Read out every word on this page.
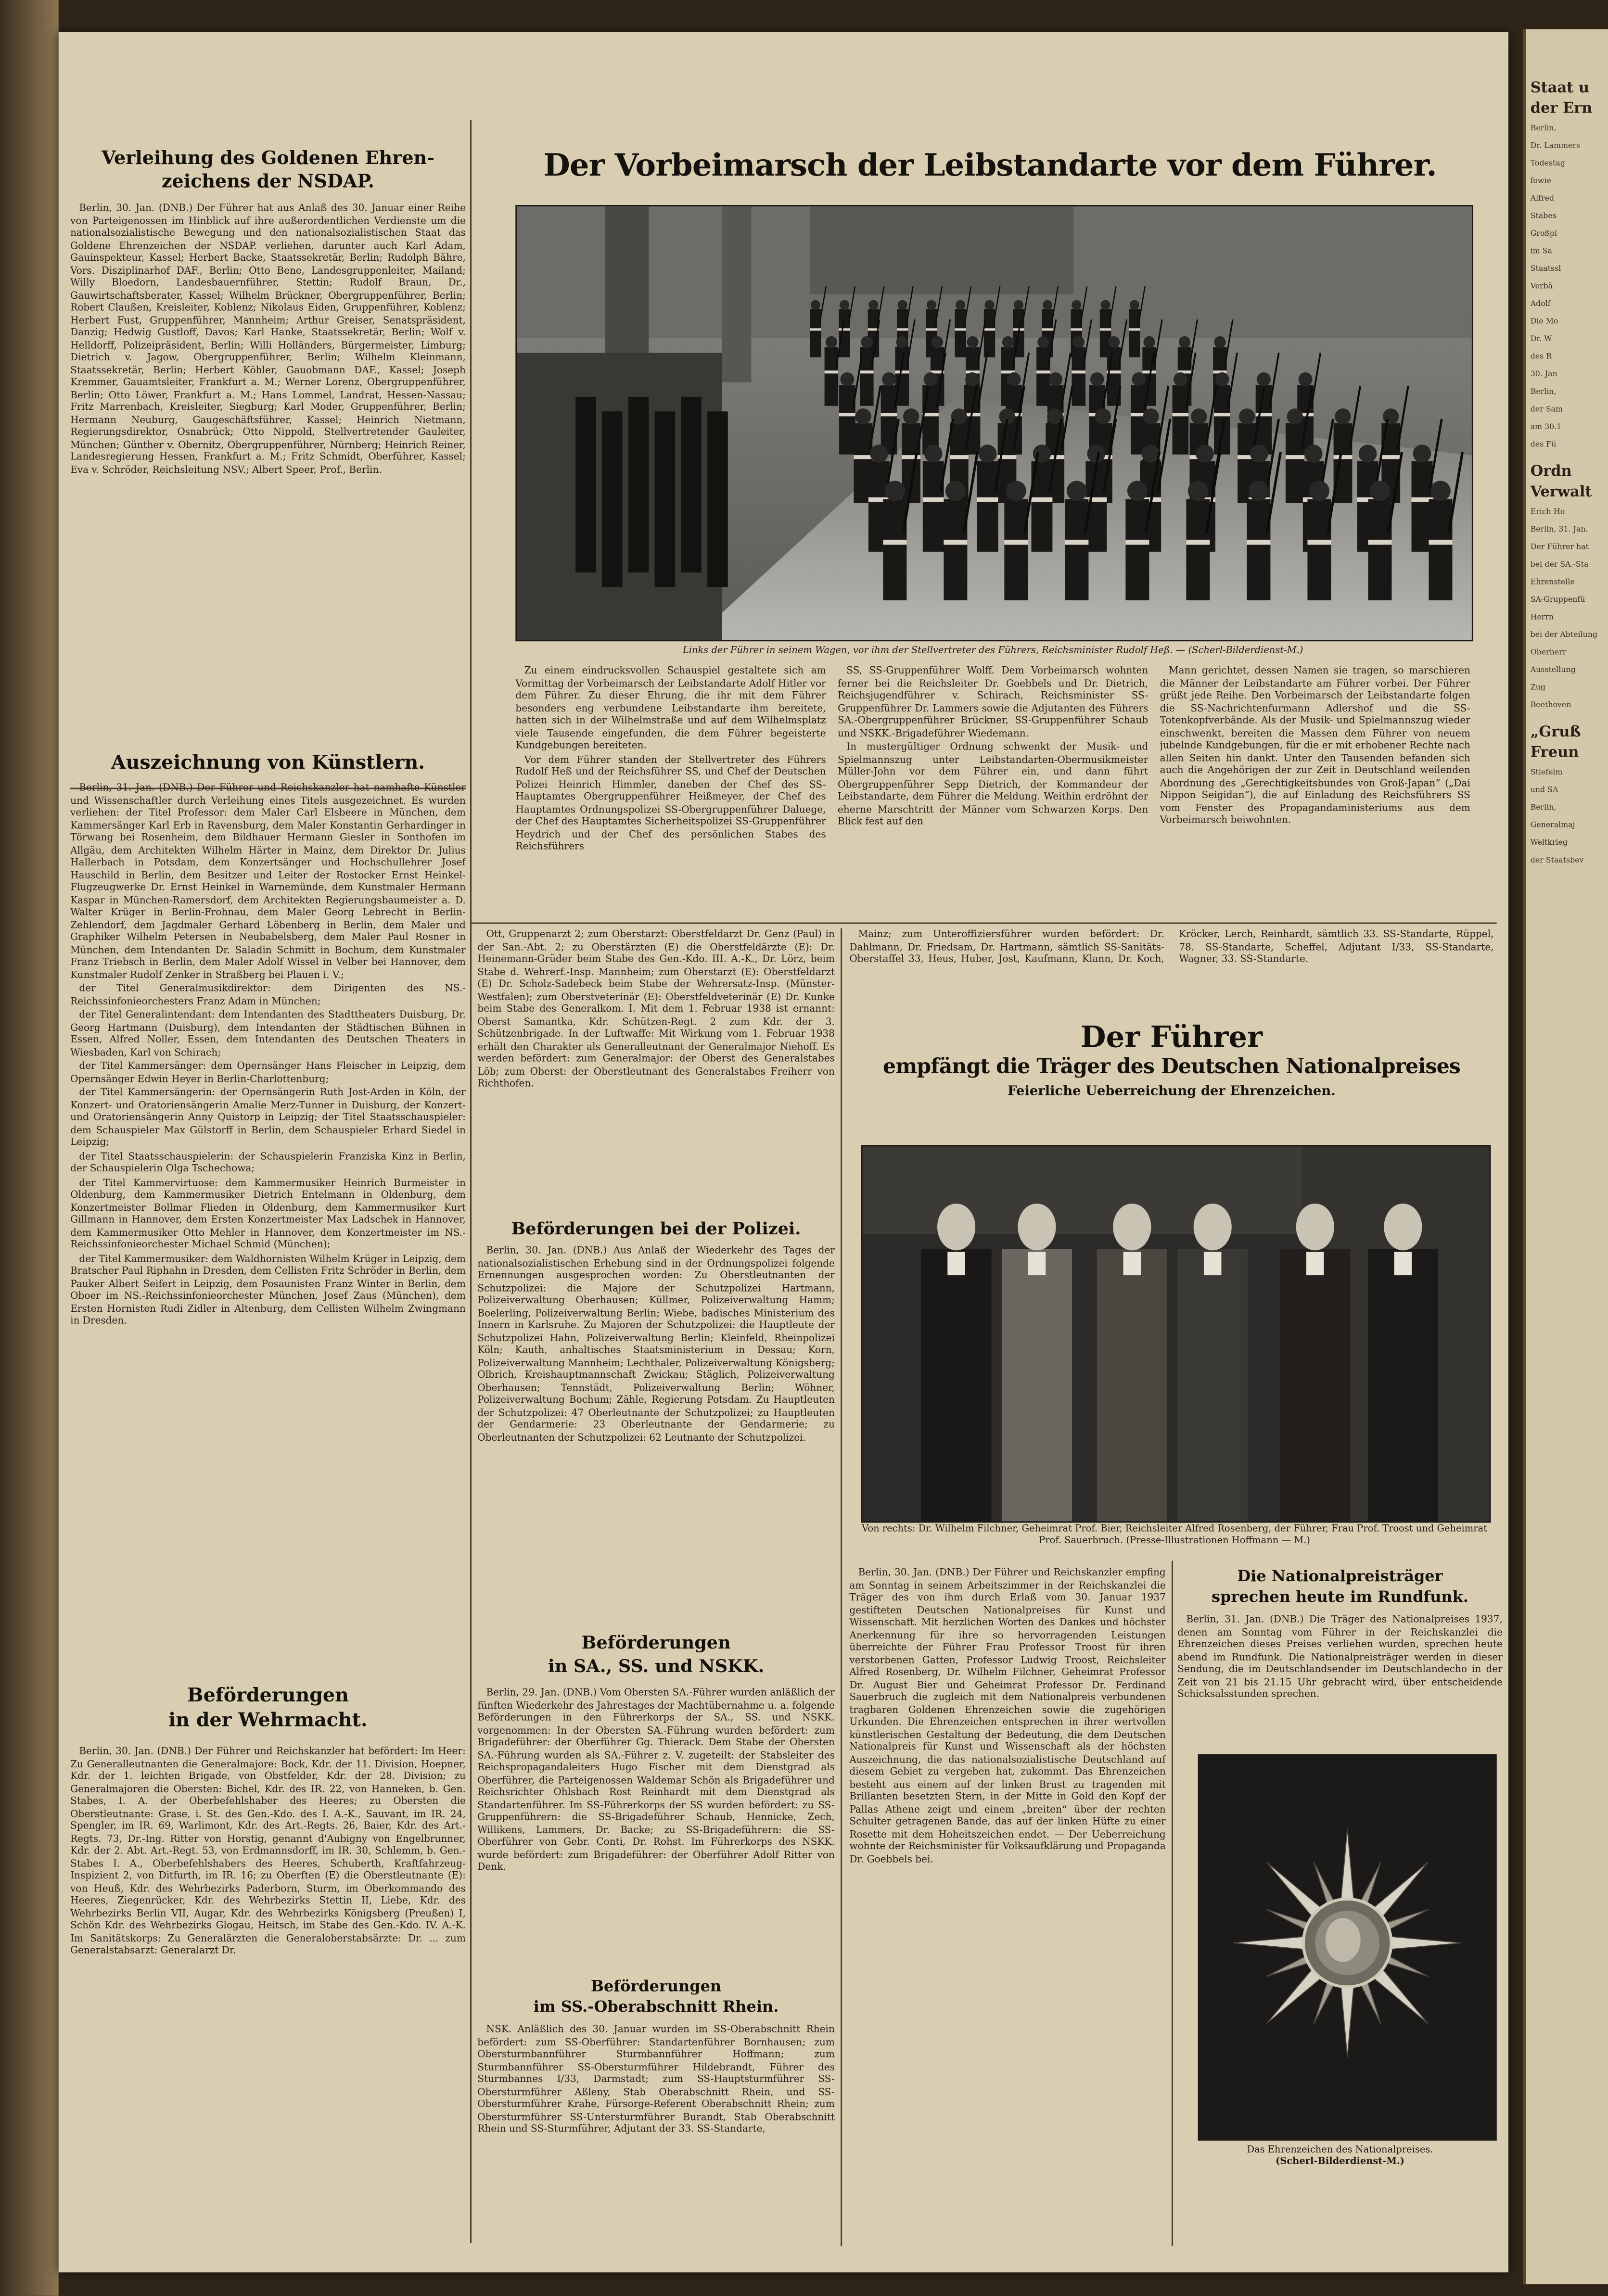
Staat u
der Ern
Berlin,
Dr. Lammers
Todestag
fowie
Alfred
Stabes
Großpl
im Sa
Staatssl
Verbä
Adolf
Die Mo
Dr. W
des R
30. Jan
Berlin,
der Sam
am 30.1
des Fü
Ordn
Verwalt
Erich Ho
Berlin, 31. Jan.
Der Führer hat
bei der SA.-Sta
Ehrenstelle
SA-Gruppenfü
Herrn
bei der Abteilung
Oberherr
Ausstellung
Zug
Beethoven
„Gruß
Freun
Stiefelm
und SA
Berlin,
Generalmaj
Weltkrieg
der Staatsbev
Verleihung des Goldenen Ehren-
zeichens der NSDAP.

Berlin, 30. Jan. (DNB.) Der Führer hat aus Anlaß des 30. Januar einer Reihe von Parteigenossen im Hinblick auf ihre außerordentlichen Verdienste um die nationalsozialistische Bewegung und den nationalsozialistischen Staat das Goldene Ehrenzeichen der NSDAP. verliehen, darunter auch Karl Adam, Gauinspekteur, Kassel; Herbert Backe, Staatssekretär, Berlin; Rudolph Bähre, Vors. Disziplinarhof DAF., Berlin; Otto Bene, Landesgruppenleiter, Mailand; Willy Bloedorn, Landesbauernführer, Stettin; Rudolf Braun, Dr., Gauwirtschaftsberater, Kassel; Wilhelm Brückner, Obergruppenführer, Berlin; Robert Claußen, Kreisleiter, Koblenz; Nikolaus Eiden, Gruppenführer, Koblenz; Herbert Fust, Gruppenführer, Mannheim; Arthur Greiser, Senatspräsident, Danzig; Hedwig Gustloff, Davos; Karl Hanke, Staatssekretär, Berlin; Wolf v. Helldorff, Polizeipräsident, Berlin; Willi Holländers, Bürgermeister, Limburg; Dietrich v. Jagow, Obergruppenführer, Berlin; Wilhelm Kleinmann, Staatssekretär, Berlin; Herbert Köhler, Gauobmann DAF., Kassel; Joseph Kremmer, Gauamtsleiter, Frankfurt a. M.; Werner Lorenz, Obergruppenführer, Berlin; Otto Löwer, Frankfurt a. M.; Hans Lommel, Landrat, Hessen-Nassau; Fritz Marrenbach, Kreisleiter, Siegburg; Karl Moder, Gruppenführer, Berlin; Hermann Neuburg, Gaugeschäftsführer, Kassel; Heinrich Nietmann, Regierungsdirektor, Osnabrück; Otto Nippold, Stellvertretender Gauleiter, München; Günther v. Obernitz, Obergruppenführer, Nürnberg; Heinrich Reiner, Landesregierung Hessen, Frankfurt a. M.; Fritz Schmidt, Oberführer, Kassel; Eva v. Schröder, Reichsleitung NSV.; Albert Speer, Prof., Berlin.

Auszeichnung von Künstlern.

Berlin, 31. Jan. (DNB.) Der Führer und Reichskanzler hat namhafte Künstler und Wissenschaftler durch Verleihung eines Titels ausgezeichnet. Es wurden verliehen: der Titel Professor: dem Maler Carl Elsbeere in München, dem Kammersänger Karl Erb in Ravensburg, dem Maler Konstantin Gerhardinger in Törwang bei Rosenheim, dem Bildhauer Hermann Giesler in Sonthofen im Allgäu, dem Architekten Wilhelm Härter in Mainz, dem Direktor Dr. Julius Hallerbach in Potsdam, dem Konzertsänger und Hochschullehrer Josef Hauschild in Berlin, dem Besitzer und Leiter der Rostocker Ernst Heinkel-Flugzeugwerke Dr. Ernst Heinkel in Warnemünde, dem Kunstmaler Hermann Kaspar in München-Ramersdorf, dem Architekten Regierungsbaumeister a. D. Walter Krüger in Berlin-Frohnau, dem Maler Georg Lebrecht in Berlin-Zehlendorf, dem Jagdmaler Gerhard Löbenberg in Berlin, dem Maler und Graphiker Wilhelm Petersen in Neubabelsberg, dem Maler Paul Rosner in München, dem Intendanten Dr. Saladin Schmitt in Bochum, dem Kunstmaler Franz Triebsch in Berlin, dem Maler Adolf Wissel in Velber bei Hannover, dem Kunstmaler Rudolf Zenker in Straßberg bei Plauen i. V.;

der Titel Generalmusikdirektor: dem Dirigenten des NS.-Reichssinfonieorchesters Franz Adam in München;

der Titel Generalintendant: dem Intendanten des Stadttheaters Duisburg, Dr. Georg Hartmann (Duisburg), dem Intendanten der Städtischen Bühnen in Essen, Alfred Noller, Essen, dem Intendanten des Deutschen Theaters in Wiesbaden, Karl von Schirach;

der Titel Kammersänger: dem Opernsänger Hans Fleischer in Leipzig, dem Opernsänger Edwin Heyer in Berlin-Charlottenburg;

der Titel Kammersängerin: der Opernsängerin Ruth Jost-Arden in Köln, der Konzert- und Oratoriensängerin Amalie Merz-Tunner in Duisburg, der Konzert- und Oratoriensängerin Anny Quistorp in Leipzig; der Titel Staatsschauspieler: dem Schauspieler Max Gülstorff in Berlin, dem Schauspieler Erhard Siedel in Leipzig;

der Titel Staatsschauspielerin: der Schauspielerin Franziska Kinz in Berlin, der Schauspielerin Olga Tschechowa;

der Titel Kammervirtuose: dem Kammermusiker Heinrich Burmeister in Oldenburg, dem Kammermusiker Dietrich Entelmann in Oldenburg, dem Konzertmeister Bollmar Flieden in Oldenburg, dem Kammermusiker Kurt Gillmann in Hannover, dem Ersten Konzertmeister Max Ladschek in Hannover, dem Kammermusiker Otto Mehler in Hannover, dem Konzertmeister im NS.-Reichssinfonieorchester Michael Schmid (München);

der Titel Kammermusiker: dem Waldhornisten Wilhelm Krüger in Leipzig, dem Bratscher Paul Riphahn in Dresden, dem Cellisten Fritz Schröder in Berlin, dem Pauker Albert Seifert in Leipzig, dem Posaunisten Franz Winter in Berlin, dem Oboer im NS.-Reichssinfonieorchester München, Josef Zaus (München), dem Ersten Hornisten Rudi Zidler in Altenburg, dem Cellisten Wilhelm Zwingmann in Dresden.

Beförderungen
in der Wehrmacht.

Berlin, 30. Jan. (DNB.) Der Führer und Reichskanzler hat befördert: Im Heer: Zu Generalleutnanten die Generalmajore: Bock, Kdr. der 11. Division, Hoepner, Kdr. der 1. leichten Brigade, von Obstfelder, Kdr. der 28. Division; zu Generalmajoren die Obersten: Bichel, Kdr. des IR. 22, von Hanneken, b. Gen. Stabes, I. A. der Oberbefehlshaber des Heeres; zu Obersten die Oberstleutnante: Grase, i. St. des Gen.-Kdo. des I. A.-K., Sauvant, im IR. 24, Spengler, im IR. 69, Warlimont, Kdr. des Art.-Regts. 26, Baier, Kdr. des Art.-Regts. 73, Dr.-Ing. Ritter von Horstig, genannt d'Aubigny von Engelbrunner, Kdr. der 2. Abt. Art.-Regt. 53, von Erdmannsdorff, im IR. 30, Schlemm, b. Gen.-Stabes I. A., Oberbefehlshabers des Heeres, Schuberth, Kraftfahrzeug-Inspizient 2, von Ditfurth, im IR. 16; zu Oberften (E) die Oberstleutnante (E): von Heuß, Kdr. des Wehrbezirks Paderborn, Sturm, im Oberkommando des Heeres, Ziegenrücker, Kdr. des Wehrbezirks Stettin II, Liebe, Kdr. des Wehrbezirks Berlin VII, Augar, Kdr. des Wehrbezirks Königsberg (Preußen) I, Schön Kdr. des Wehrbezirks Glogau, Heitsch, im Stabe des Gen.-Kdo. IV. A.-K. Im Sanitätskorps: Zu Generalärzten die Generaloberstabsärzte: Dr. ... zum Generalstabsarzt: Generalarzt Dr.

Der Vorbeimarsch der Leibstandarte vor dem Führer.
Links der Führer in seinem Wagen, vor ihm der Stellvertreter des Führers, Reichsminister Rudolf Heß. — (Scherl-Bilderdienst-M.)

Zu einem eindrucksvollen Schauspiel gestaltete sich am Vormittag der Vorbeimarsch der Leibstandarte Adolf Hitler vor dem Führer. Zu dieser Ehrung, die ihr mit dem Führer besonders eng verbundene Leibstandarte ihm bereitete, hatten sich in der Wilhelmstraße und auf dem Wilhelmsplatz viele Tausende eingefunden, die dem Führer begeisterte Kundgebungen bereiteten.

Vor dem Führer standen der Stellvertreter des Führers Rudolf Heß und der Reichsführer SS, und Chef der Deutschen Polizei Heinrich Himmler, daneben der Chef des SS-Hauptamtes Obergruppenführer Heißmeyer, der Chef des Hauptamtes Ordnungspolizei SS-Obergruppenführer Daluege, der Chef des Hauptamtes Sicherheitspolizei SS-Gruppenführer Heydrich und der Chef des persönlichen Stabes des Reichsführers

SS, SS-Gruppenführer Wolff. Dem Vorbeimarsch wohnten ferner bei die Reichsleiter Dr. Goebbels und Dr. Dietrich, Reichsjugendführer v. Schirach, Reichsminister SS-Gruppenführer Dr. Lammers sowie die Adjutanten des Führers SA.-Obergruppenführer Brückner, SS-Gruppenführer Schaub und NSKK.-Brigadeführer Wiedemann.

In mustergültiger Ordnung schwenkt der Musik- und Spielmannszug unter Leibstandarten-Obermusikmeister Müller-John vor dem Führer ein, und dann führt Obergruppenführer Sepp Dietrich, der Kommandeur der Leibstandarte, dem Führer die Meldung. Weithin erdröhnt der eherne Marschtritt der Männer vom Schwarzen Korps. Den Blick fest auf den

Mann gerichtet, dessen Namen sie tragen, so marschieren die Männer der Leibstandarte am Führer vorbei. Der Führer grüßt jede Reihe. Den Vorbeimarsch der Leibstandarte folgen die SS-Nachrichtenfurmann Adlershof und die SS-Totenkopfverbände. Als der Musik- und Spielmannszug wieder einschwenkt, bereiten die Massen dem Führer von neuem jubelnde Kundgebungen, für die er mit erhobener Rechte nach allen Seiten hin dankt. Unter den Tausenden befanden sich auch die Angehörigen der zur Zeit in Deutschland weilenden Abordnung des „Gerechtigkeitsbundes von Groß-Japan“ („Dai Nippon Seigidan“), die auf Einladung des Reichsführers SS vom Fenster des Propagandaministeriums aus dem Vorbeimarsch beiwohnten.

Ott, Gruppenarzt 2; zum Oberstarzt: Oberstfeldarzt Dr. Genz (Paul) in der San.-Abt. 2; zu Oberstärzten (E) die Oberstfeldärzte (E): Dr. Heinemann-Grüder beim Stabe des Gen.-Kdo. III. A.-K., Dr. Lörz, beim Stabe d. Wehrerf.-Insp. Mannheim; zum Oberstarzt (E): Oberstfeldarzt (E) Dr. Scholz-Sadebeck beim Stabe der Wehrersatz-Insp. (Münster-Westfalen); zum Oberstveterinär (E): Oberstfeldveterinär (E) Dr. Kunke beim Stabe des Generalkom. I. Mit dem 1. Februar 1938 ist ernannt: Oberst Samantka, Kdr. Schützen-Regt. 2 zum Kdr. der 3. Schützenbrigade. In der Luftwaffe: Mit Wirkung vom 1. Februar 1938 erhält den Charakter als Generalleutnant der Generalmajor Niehoff. Es werden befördert: zum Generalmajor: der Oberst des Generalstabes Löb; zum Oberst: der Oberstleutnant des Generalstabes Freiherr von Richthofen.

Beförderungen bei der Polizei.

Berlin, 30. Jan. (DNB.) Aus Anlaß der Wiederkehr des Tages der nationalsozialistischen Erhebung sind in der Ordnungspolizei folgende Ernennungen ausgesprochen worden: Zu Oberstleutnanten der Schutzpolizei: die Majore der Schutzpolizei Hartmann, Polizeiverwaltung Oberhausen; Küllmer, Polizeiverwaltung Hamm; Boelerling, Polizeiverwaltung Berlin; Wiebe, badisches Ministerium des Innern in Karlsruhe. Zu Majoren der Schutzpolizei: die Hauptleute der Schutzpolizei Hahn, Polizeiverwaltung Berlin; Kleinfeld, Rheinpolizei Köln; Kauth, anhaltisches Staatsministerium in Dessau; Korn, Polizeiverwaltung Mannheim; Lechthaler, Polizeiverwaltung Königsberg; Olbrich, Kreishauptmannschaft Zwickau; Stäglich, Polizeiverwaltung Oberhausen; Tennstädt, Polizeiverwaltung Berlin; Wöhner, Polizeiverwaltung Bochum; Zähle, Regierung Potsdam. Zu Hauptleuten der Schutzpolizei: 47 Oberleutnante der Schutzpolizei; zu Hauptleuten der Gendarmerie: 23 Oberleutnante der Gendarmerie; zu Oberleutnanten der Schutzpolizei: 62 Leutnante der Schutzpolizei.

Beförderungen
in SA., SS. und NSKK.

Berlin, 29. Jan. (DNB.) Vom Obersten SA.-Führer wurden anläßlich der fünften Wiederkehr des Jahrestages der Machtübernahme u. a. folgende Beförderungen in den Führerkorps der SA., SS. und NSKK. vorgenommen: In der Obersten SA.-Führung wurden befördert: zum Brigadeführer: der Oberführer Gg. Thierack. Dem Stabe der Obersten SA.-Führung wurden als SA.-Führer z. V. zugeteilt: der Stabsleiter des Reichspropagandaleiters Hugo Fischer mit dem Dienstgrad als Oberführer, die Parteigenossen Waldemar Schön als Brigadeführer und Reichsrichter Ohlsbach Rost Reinhardt mit dem Dienstgrad als Standartenführer. Im SS-Führerkorps der SS wurden befördert: zu SS-Gruppenführern: die SS-Brigadeführer Schaub, Hennicke, Zech, Willikens, Lammers, Dr. Backe; zu SS-Brigadeführern: die SS-Oberführer von Gebr. Conti, Dr. Rohst. Im Führerkorps des NSKK. wurde befördert: zum Brigadeführer: der Oberführer Adolf Ritter von Denk.

Beförderungen
im SS.-Oberabschnitt Rhein.

NSK. Anläßlich des 30. Januar wurden im SS-Oberabschnitt Rhein befördert: zum SS-Oberführer: Standartenführer Bornhausen; zum Obersturmbannführer Sturmbannführer Hoffmann; zum Sturmbannführer SS-Obersturmführer Hildebrandt, Führer des Sturmbannes I/33, Darmstadt; zum SS-Hauptsturmführer SS-Obersturmführer Aßleny, Stab Oberabschnitt Rhein, und SS-Obersturmführer Krahe, Fürsorge-Referent Oberabschnitt Rhein; zum Obersturmführer SS-Untersturmführer Burandt, Stab Oberabschnitt Rhein und SS-Sturmführer, Adjutant der 33. SS-Standarte,

Mainz; zum Unteroffiziersführer wurden befördert: Dr. Dahlmann, Dr. Friedsam, Dr. Hartmann, sämtlich SS-Sanitäts-Oberstaffel 33, Heus, Huber, Jost, Kaufmann, Klann, Dr. Koch, Kröcker, Lerch, Reinhardt, sämtlich 33. SS-Standarte, Rüppel, 78. SS-Standarte, Scheffel, Adjutant I/33, SS-Standarte, Wagner, 33. SS-Standarte.

Der Führer
empfängt die Träger des Deutschen Nationalpreises
Feierliche Ueberreichung der Ehrenzeichen.
Von rechts: Dr. Wilhelm Filchner, Geheimrat Prof. Bier, Reichsleiter Alfred Rosenberg, der Führer, Frau Prof. Troost und Geheimrat Prof. Sauerbruch. (Presse-Illustrationen Hoffmann — M.)

Berlin, 30. Jan. (DNB.) Der Führer und Reichskanzler empfing am Sonntag in seinem Arbeitszimmer in der Reichskanzlei die Träger des von ihm durch Erlaß vom 30. Januar 1937 gestifteten Deutschen Nationalpreises für Kunst und Wissenschaft. Mit herzlichen Worten des Dankes und höchster Anerkennung für ihre so hervorragenden Leistungen überreichte der Führer Frau Professor Troost für ihren verstorbenen Gatten, Professor Ludwig Troost, Reichsleiter Alfred Rosenberg, Dr. Wilhelm Filchner, Geheimrat Professor Dr. August Bier und Geheimrat Professor Dr. Ferdinand Sauerbruch die zugleich mit dem Nationalpreis verbundenen tragbaren Goldenen Ehrenzeichen sowie die zugehörigen Urkunden. Die Ehrenzeichen entsprechen in ihrer wertvollen künstlerischen Gestaltung der Bedeutung, die dem Deutschen Nationalpreis für Kunst und Wissenschaft als der höchsten Auszeichnung, die das nationalsozialistische Deutschland auf diesem Gebiet zu vergeben hat, zukommt. Das Ehrenzeichen besteht aus einem auf der linken Brust zu tragenden mit Brillanten besetzten Stern, in der Mitte in Gold den Kopf der Pallas Athene zeigt und einem „breiten“ über der rechten Schulter getragenen Bande, das auf der linken Hüfte zu einer Rosette mit dem Hoheitszeichen endet. — Der Ueberreichung wohnte der Reichsminister für Volksaufklärung und Propaganda Dr. Goebbels bei.

Die Nationalpreisträger
sprechen heute im Rundfunk.

Berlin, 31. Jan. (DNB.) Die Träger des Nationalpreises 1937, denen am Sonntag vom Führer in der Reichskanzlei die Ehrenzeichen dieses Preises verliehen wurden, sprechen heute abend im Rundfunk. Die Nationalpreisträger werden in dieser Sendung, die im Deutschlandsender im Deutschlandecho in der Zeit von 21 bis 21.15 Uhr gebracht wird, über entscheidende Schicksalsstunden sprechen.

Das Ehrenzeichen des Nationalpreises.
(Scherl-Bilderdienst-M.)
